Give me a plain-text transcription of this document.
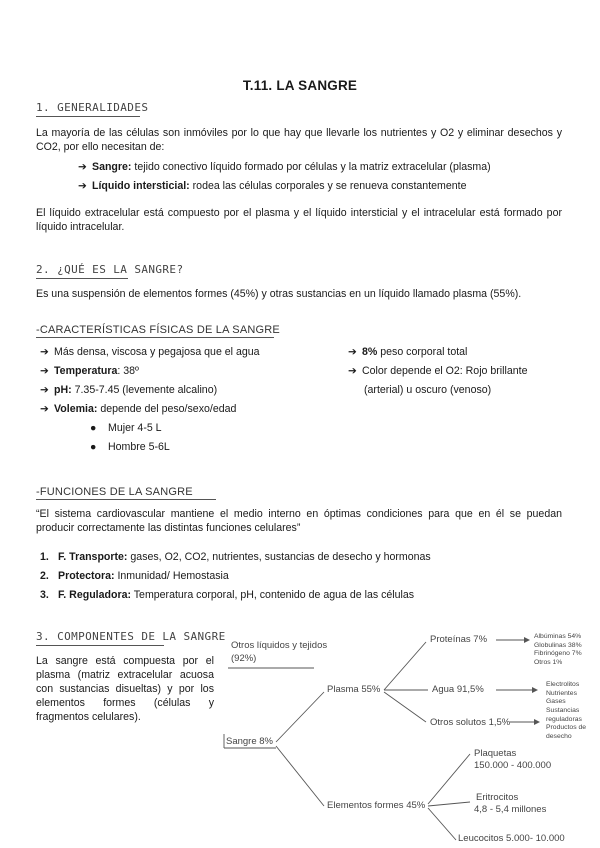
T.11. LA SANGRE
1. GENERALIDADES
La mayoría de las células son inmóviles por lo que hay que llevarle los nutrientes y O2 y eliminar desechos y CO2, por ello necesitan de:
➔ Sangre: tejido conectivo líquido formado por células y la matriz extracelular (plasma)
➔ Líquido intersticial: rodea las células corporales y se renueva constantemente
El líquido extracelular está compuesto por el plasma y el líquido intersticial y el intracelular está formado por líquido intracelular.
2. ¿QUÉ ES LA SANGRE?
Es una suspensión de elementos formes (45%) y otras sustancias en un líquido llamado plasma (55%).
-CARACTERÍSTICAS FÍSICAS DE LA SANGRE
➔ Más densa, viscosa y pegajosa que el agua
➔ Temperatura: 38º
➔ pH: 7.35-7.45 (levemente alcalino)
➔ Volemia: depende del peso/sexo/edad
● Mujer 4-5 L
● Hombre 5-6L
➔ 8% peso corporal total
➔ Color depende el O2: Rojo brillante
(arterial) u oscuro (venoso)
-FUNCIONES DE LA SANGRE
“El sistema cardiovascular mantiene el medio interno en óptimas condiciones para que en él se puedan producir correctamente las distintas funciones celulares”
1. F. Transporte: gases, O2, CO2, nutrientes, sustancias de desecho y hormonas
2. Protectora: Inmunidad/ Hemostasia
3. F. Reguladora: Temperatura corporal, pH, contenido de agua de las células
3. COMPONENTES DE LA SANGRE
La sangre está compuesta por el plasma (matriz extracelular acuosa con sustancias disueltas) y por los elementos formes (células y fragmentos celulares).
Otros líquidos y tejidos
(92%)
Sangre 8%
Plasma 55%
Proteínas 7%
Agua 91,5%
Otros solutos 1,5%
Elementos formes 45%
Plaquetas
150.000 - 400.000
Eritrocitos
4,8 - 5,4 millones
Leucocitos 5.000- 10.000
Albúminas 54%
Globulinas 38%
Fibrinógeno 7%
Otros 1%
Electrolitos
Nutrientes
Gases
Sustancias
reguladoras
Productos de
desecho
